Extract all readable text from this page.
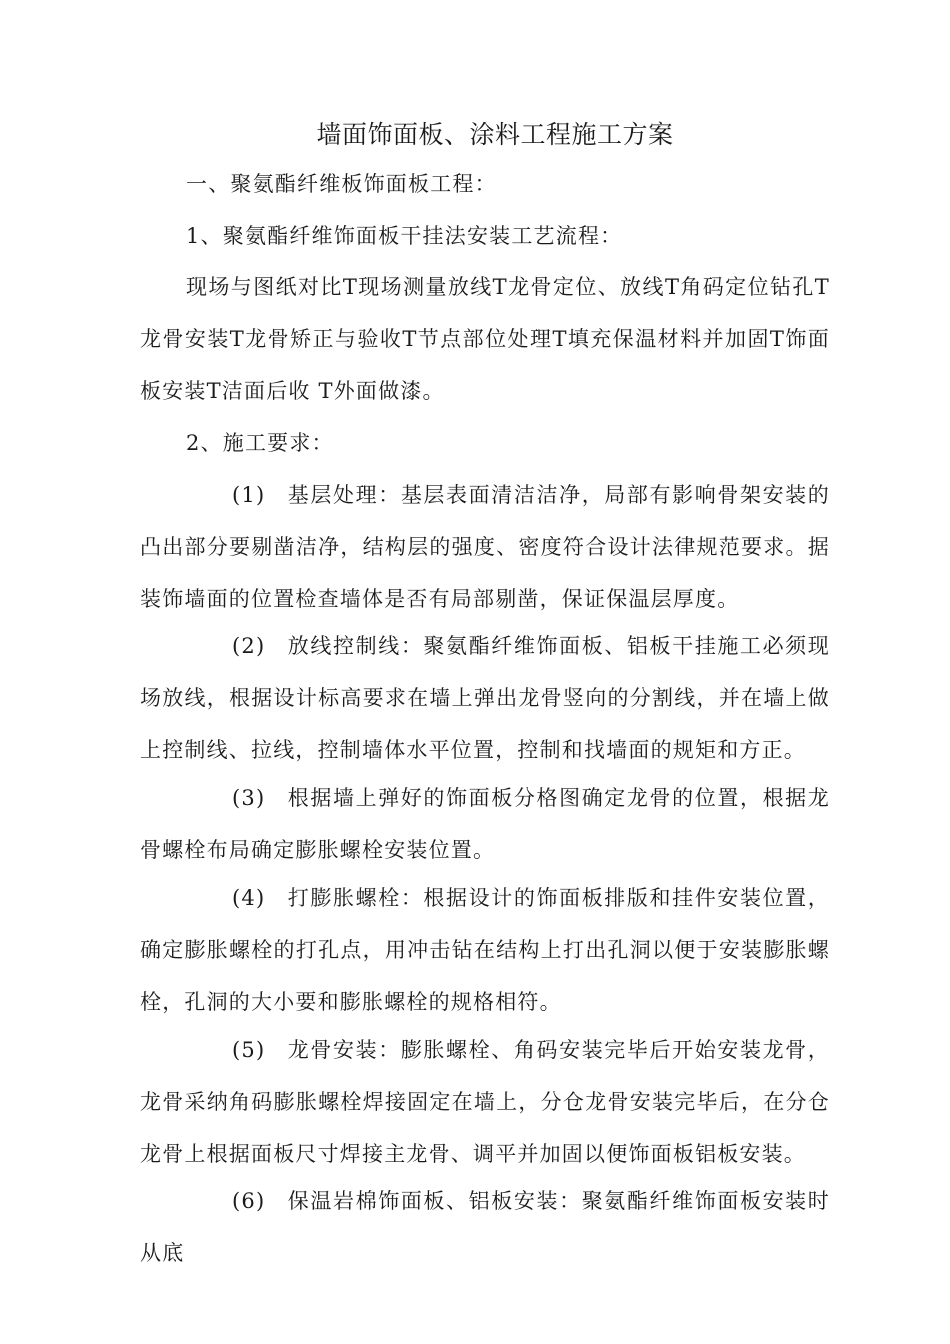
墙面饰面板、涂料工程施工方案
一、聚氨酯纤维板饰面板工程：
1、聚氨酯纤维饰面板干挂法安装工艺流程：
现场与图纸对比T现场测量放线T龙骨定位、放线T角码定位钻孔T龙骨安装T龙骨矫正与验收T节点部位处理T填充保温材料并加固T饰面板安装T洁面后收 T外面做漆。
2、施工要求：
(1) 基层处理：基层表面清洁洁净，局部有影响骨架安装的凸出部分要剔凿洁净，结构层的强度、密度符合设计法律规范要求。据装饰墙面的位置检查墙体是否有局部剔凿，保证保温层厚度。
(2) 放线控制线：聚氨酯纤维饰面板、铝板干挂施工必须现场放线，根据设计标高要求在墙上弹出龙骨竖向的分割线，并在墙上做上控制线、拉线，控制墙体水平位置，控制和找墙面的规矩和方正。
(3) 根据墙上弹好的饰面板分格图确定龙骨的位置，根据龙骨螺栓布局确定膨胀螺栓安装位置。
(4) 打膨胀螺栓：根据设计的饰面板排版和挂件安装位置，确定膨胀螺栓的打孔点，用冲击钻在结构上打出孔洞以便于安装膨胀螺栓，孔洞的大小要和膨胀螺栓的规格相符。
(5) 龙骨安装：膨胀螺栓、角码安装完毕后开始安装龙骨，龙骨采纳角码膨胀螺栓焊接固定在墙上，分仓龙骨安装完毕后，在分仓龙骨上根据面板尺寸焊接主龙骨、调平并加固以便饰面板铝板安装。
(6) 保温岩棉饰面板、铝板安装：聚氨酯纤维饰面板安装时从底
